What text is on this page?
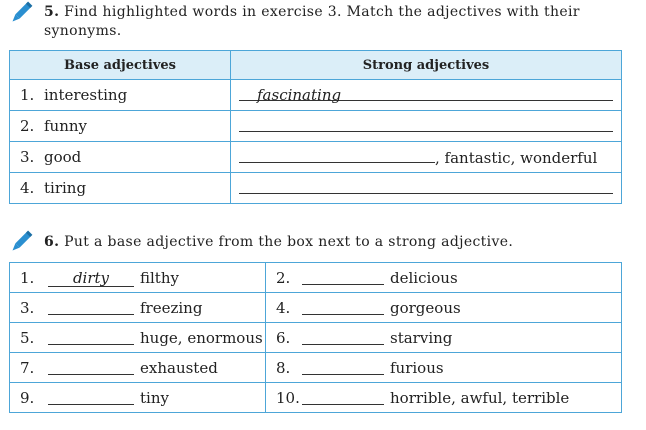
5. Find highlighted words in exercise 3. Match the adjectives with their synonyms.
Base adjectives	Strong adjectives
1. interesting	fascinating
2. funny	
3. good	, fantastic, wonderful
4. tiring	
6. Put a base adjective from the box next to a strong adjective.
1.	dirty	filthy	2.		delicious
3.		freezing	4.		gorgeous
5.		huge, enormous	6.		starving
7.		exhausted	8.		furious
9.		tiny	10.		horrible, awful, terrible
